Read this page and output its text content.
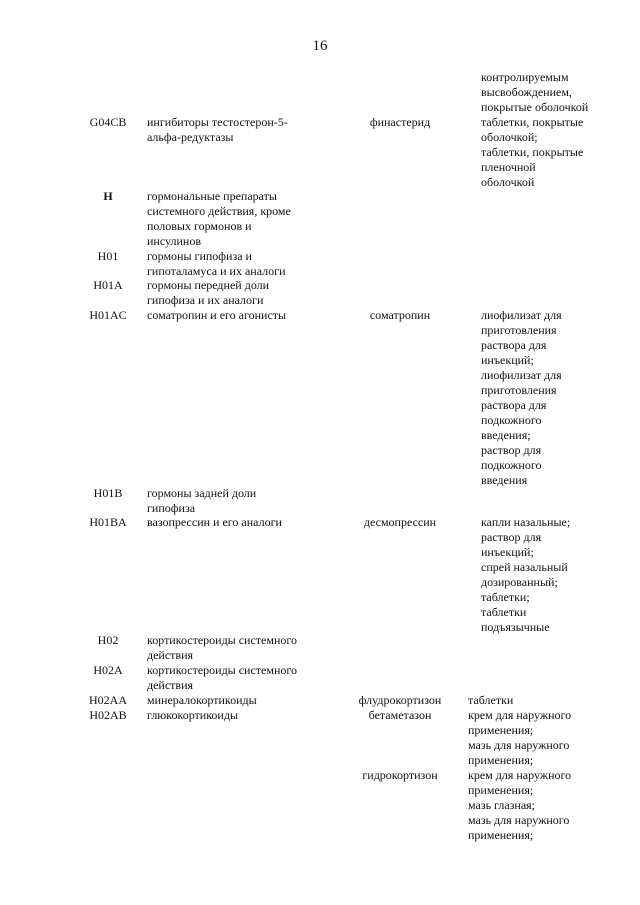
16
контролируемым
высвобождением,
покрытые оболочкой
G04CB	ингибиторы тестостерон-5-
альфа-редуктазы
финастерид	таблетки, покрытые
оболочкой;
таблетки, покрытые
пленочной
оболочкой
H	гормональные препараты
системного действия, кроме
половых гормонов и
инсулинов
H01	гормоны гипофиза и
гипоталамуса и их аналоги
H01A	гормоны передней доли
гипофиза и их аналоги
H01AC	соматропин и его агонисты	соматропин	лиофилизат для
приготовления
раствора для
инъекций;
лиофилизат для
приготовления
раствора для
подкожного
введения;
раствор для
подкожного
введения
H01B	гормоны задней доли
гипофиза
H01BA	вазопрессин и его аналоги	десмопрессин	капли назальные;
раствор для
инъекций;
спрей назальный
дозированный;
таблетки;
таблетки
подъязычные
H02	кортикостероиды системного
действия
H02A	кортикостероиды системного
действия
H02AA	минералокортикоиды	флудрокортизон	таблетки
H02AB	глюкокортикоиды	бетаметазон	крем для наружного
применения;
мазь для наружного
применения;
гидрокортизон	крем для наружного
применения;
мазь глазная;
мазь для наружного
применения;
